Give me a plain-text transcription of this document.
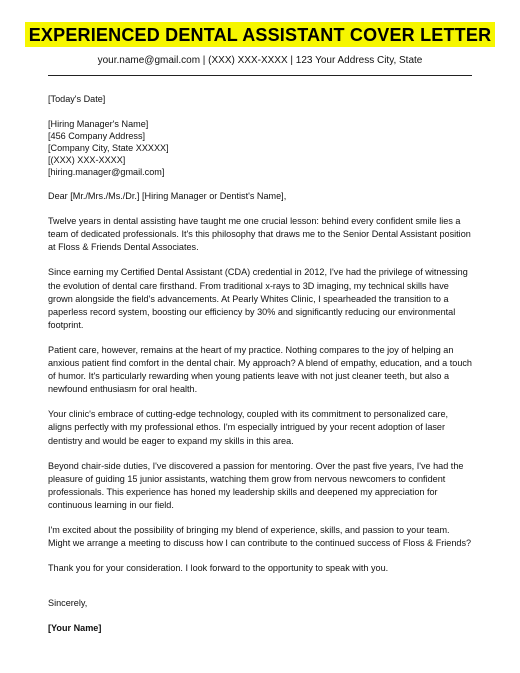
EXPERIENCED DENTAL ASSISTANT COVER LETTER
your.name@gmail.com | (XXX) XXX-XXXX | 123 Your Address City, State

[Today's Date]

[Hiring Manager's Name]
[456 Company Address]
[Company City, State XXXXX]
[(XXX) XXX-XXXX]
[hiring.manager@gmail.com]

Dear [Mr./Mrs./Ms./Dr.] [Hiring Manager or Dentist's Name],

Twelve years in dental assisting have taught me one crucial lesson: behind every confident smile lies a team of dedicated professionals. It's this philosophy that draws me to the Senior Dental Assistant position at Floss & Friends Dental Associates.

Since earning my Certified Dental Assistant (CDA) credential in 2012, I've had the privilege of witnessing the evolution of dental care firsthand. From traditional x-rays to 3D imaging, my technical skills have grown alongside the field's advancements. At Pearly Whites Clinic, I spearheaded the transition to a paperless record system, boosting our efficiency by 30% and significantly reducing our environmental footprint.

Patient care, however, remains at the heart of my practice. Nothing compares to the joy of helping an anxious patient find comfort in the dental chair. My approach? A blend of empathy, education, and a touch of humor. It's particularly rewarding when young patients leave with not just cleaner teeth, but also a newfound enthusiasm for oral health.

Your clinic's embrace of cutting-edge technology, coupled with its commitment to personalized care, aligns perfectly with my professional ethos. I'm especially intrigued by your recent adoption of laser dentistry and would be eager to expand my skills in this area.

Beyond chair-side duties, I've discovered a passion for mentoring. Over the past five years, I've had the pleasure of guiding 15 junior assistants, watching them grow from nervous newcomers to confident professionals. This experience has honed my leadership skills and deepened my appreciation for continuous learning in our field.

I'm excited about the possibility of bringing my blend of experience, skills, and passion to your team. Might we arrange a meeting to discuss how I can contribute to the continued success of Floss & Friends?

Thank you for your consideration. I look forward to the opportunity to speak with you.

Sincerely,

[Your Name]
